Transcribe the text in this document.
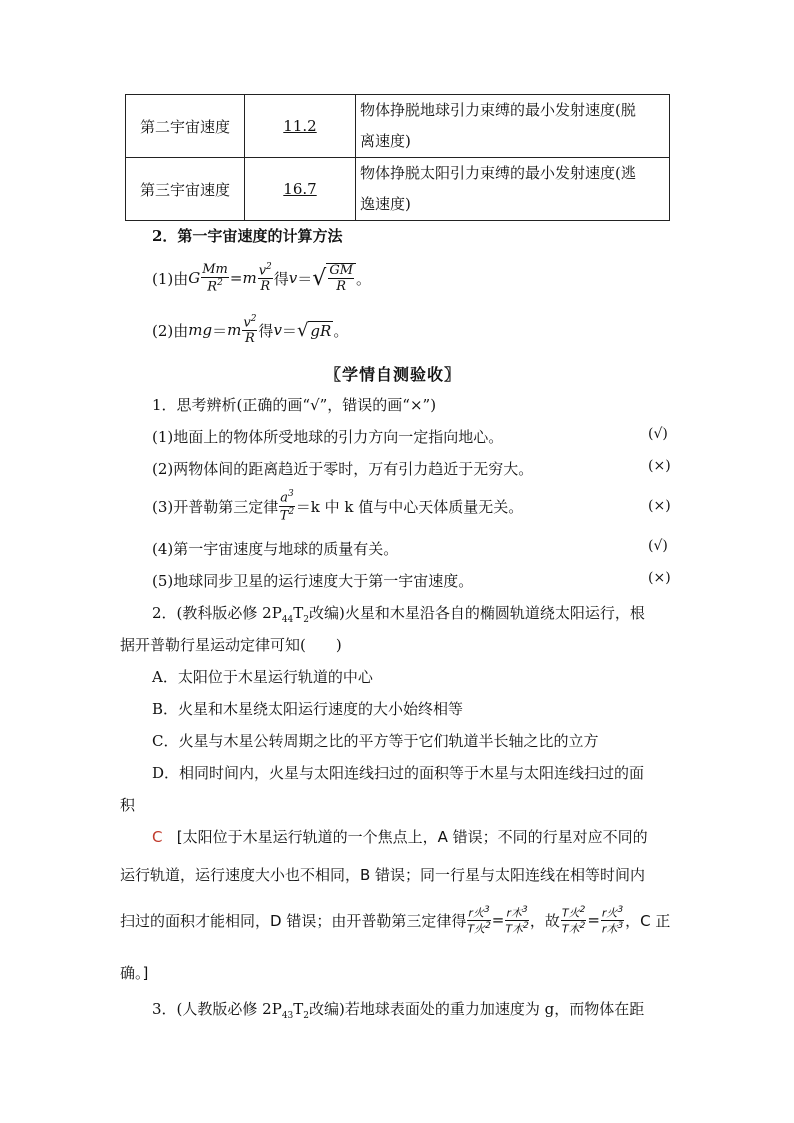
第二宇宙速度	11.2	物体挣脱地球引力束缚的最小发射速度(脱
离速度)
第三宇宙速度	16.7	物体挣脱太阳引力束缚的最小发射速度(逃
逸速度)
2．第一宇宙速度的计算方法
(1)由 G $\frac{Mm}{R^2} = m \frac{v^2}{R}$ 得 v ＝ √ $\frac{GM}{R}$ 。
(2)由 mg ＝ m $\frac{v^2}{R}$ 得 v ＝ √ gR 。
〖学情自测验收〗
1．思考辨析(正确的画“√”，错误的画“×”)
(1)地面上的物体所受地球的引力方向一定指向地心。	(√)
(2)两物体间的距离趋近于零时，万有引力趋近于无穷大。	(×)
(3)开普勒第三定律 $\frac{a^3}{T^2} =k$ 中 k 值与中心天体质量无关。	(×)
(4)第一宇宙速度与地球的质量有关。	(√)
(5)地球同步卫星的运行速度大于第一宇宙速度。	(×)
2．(教科版必修 $2P_{44}T_2$改编)火星和木星沿各自的椭圆轨道绕太阳运行，根
据开普勒行星运动定律可知(　　)
A．太阳位于木星运行轨道的中心
B．火星和木星绕太阳运行速度的大小始终相等
C．火星与木星公转周期之比的平方等于它们轨道半长轴之比的立方
D．相同时间内，火星与太阳连线扫过的面积等于木星与太阳连线扫过的面
积
C [太阳位于木星运行轨道的一个焦点上，A 错误；不同的行星对应不同的
运行轨道，运行速度大小也不相同，B 错误；同一行星与太阳连线在相等时间内
扫过的面积才能相同，D 错误；由开普勒第三定律得 $\frac{r火^3}{T火^2} = \frac{r木^3}{T木^2}$ ，故 $\frac{T火^2}{T木^2} = \frac{r火^3}{r木^3}$ ，C 正
确。]
3．(人教版必修 $2P_{43}T_2$改编)若地球表面处的重力加速度为 g，而物体在距
